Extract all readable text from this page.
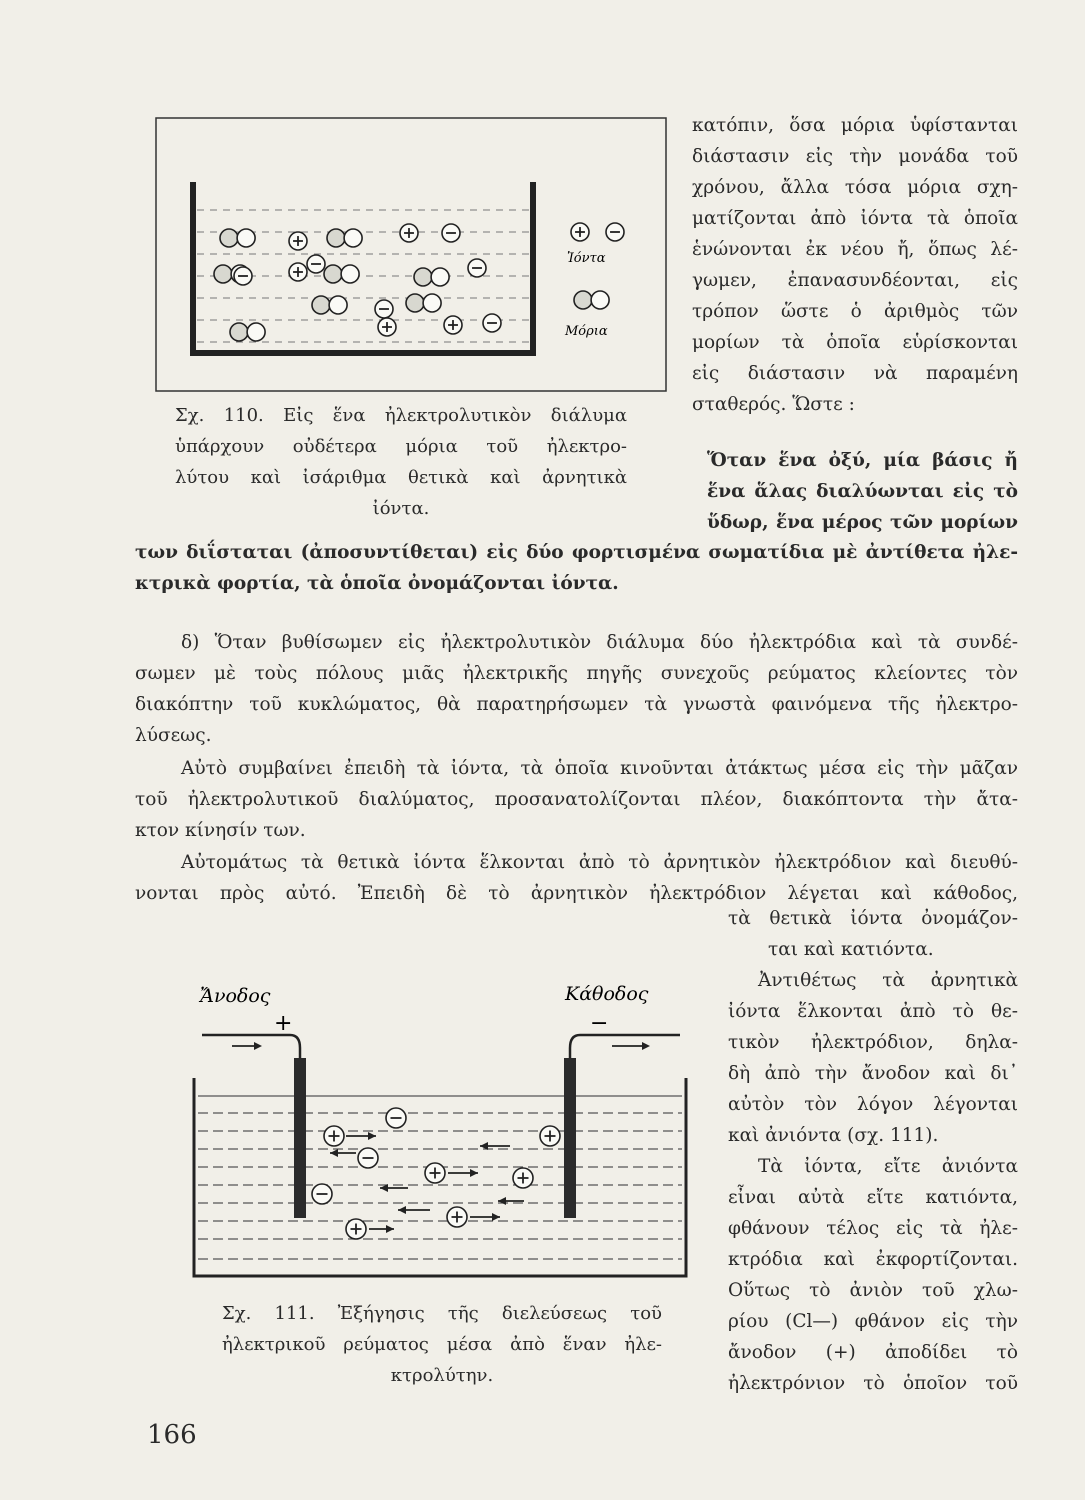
Ἰόντα
Μόρια
Σχ. 110. Εἰς ἕνα ἠλεκτρολυτικὸν διάλυμα
ὑπάρχουν οὐδέτερα μόρια τοῦ ἠλεκτρο-
λύτου καὶ ἰσάριθμα θετικὰ καὶ ἀρνητικὰ
ἰόντα.
κατόπιν, ὅσα μόρια ὑφίστανται
διάστασιν εἰς τὴν μονάδα τοῦ
χρόνου, ἄλλα τόσα μόρια σχη-
ματίζονται ἀπὸ ἰόντα τὰ ὁποῖα
ἑνώνονται ἐκ νέου ἤ, ὅπως λέ-
γωμεν, ἐπανασυνδέονται, εἰς
τρόπον ὥστε ὁ ἀριθμὸς τῶν
μορίων τὰ ὁποῖα εὑρίσκονται
εἰς διάστασιν νὰ παραμένη
σταθερός. Ὥστε :
Ὅταν ἕνα ὀξύ, μία βάσις ἤ
ἕνα ἅλας διαλύωνται εἰς τὸ
ὕδωρ, ἕνα μέρος τῶν μορίων
των διΐσταται (ἀποσυντίθεται) εἰς δύο φορτισμένα σωματίδια μὲ ἀντίθετα ἠλε-
κτρικὰ φορτία, τὰ ὁποῖα ὀνομάζονται ἰόντα.
δ) Ὅταν βυθίσωμεν εἰς ἠλεκτρολυτικὸν διάλυμα δύο ἠλεκτρόδια καὶ τὰ συνδέ-
σωμεν μὲ τοὺς πόλους μιᾶς ἠλεκτρικῆς πηγῆς συνεχοῦς ρεύματος κλείοντες τὸν
διακόπτην τοῦ κυκλώματος, θὰ παρατηρήσωμεν τὰ γνωστὰ φαινόμενα τῆς ἠλεκτρο-
λύσεως.
Αὐτὸ συμβαίνει ἐπειδὴ τὰ ἰόντα, τὰ ὁποῖα κινοῦνται ἀτάκτως μέσα εἰς τὴν μᾶζαν
τοῦ ἠλεκτρολυτικοῦ διαλύματος, προσανατολίζονται πλέον, διακόπτοντα τὴν ἄτα-
κτον κίνησίν των.
Αὐτομάτως τὰ θετικὰ ἰόντα ἕλκονται ἀπὸ τὸ ἀρνητικὸν ἠλεκτρόδιον καὶ διευθύ-
νονται πρὸς αὐτό. Ἐπειδὴ δὲ τὸ ἀρνητικὸν ἠλεκτρόδιον λέγεται καὶ κάθοδος,
τὰ θετικὰ ἰόντα ὀνομάζον-
ται καὶ κατιόντα.
Ἀντιθέτως τὰ ἀρνητικὰ
ἰόντα ἕλκονται ἀπὸ τὸ θε-
τικὸν ἠλεκτρόδιον, δηλα-
δὴ ἀπὸ τὴν ἄνοδον καὶ δι᾿
αὐτὸν τὸν λόγον λέγονται
καὶ ἀνιόντα (σχ. 111).
Τὰ ἰόντα, εἴτε ἀνιόντα
εἶναι αὐτὰ εἴτε κατιόντα,
φθάνουν τέλος εἰς τὰ ἠλε-
κτρόδια καὶ ἐκφορτίζονται.
Οὕτως τὸ ἀνιὸν τοῦ χλω-
ρίου (Cl—) φθάνον εἰς τὴν
ἄνοδον (+) ἀποδίδει τὸ
ἠλεκτρόνιον τὸ ὁποῖον τοῦ
Ἄνοδος	Κάθοδος
+	−
Σχ. 111. Ἐξήγησις τῆς διελεύσεως τοῦ
ἠλεκτρικοῦ ρεύματος μέσα ἀπὸ ἕναν ἠλε-
κτρολύτην.
166
